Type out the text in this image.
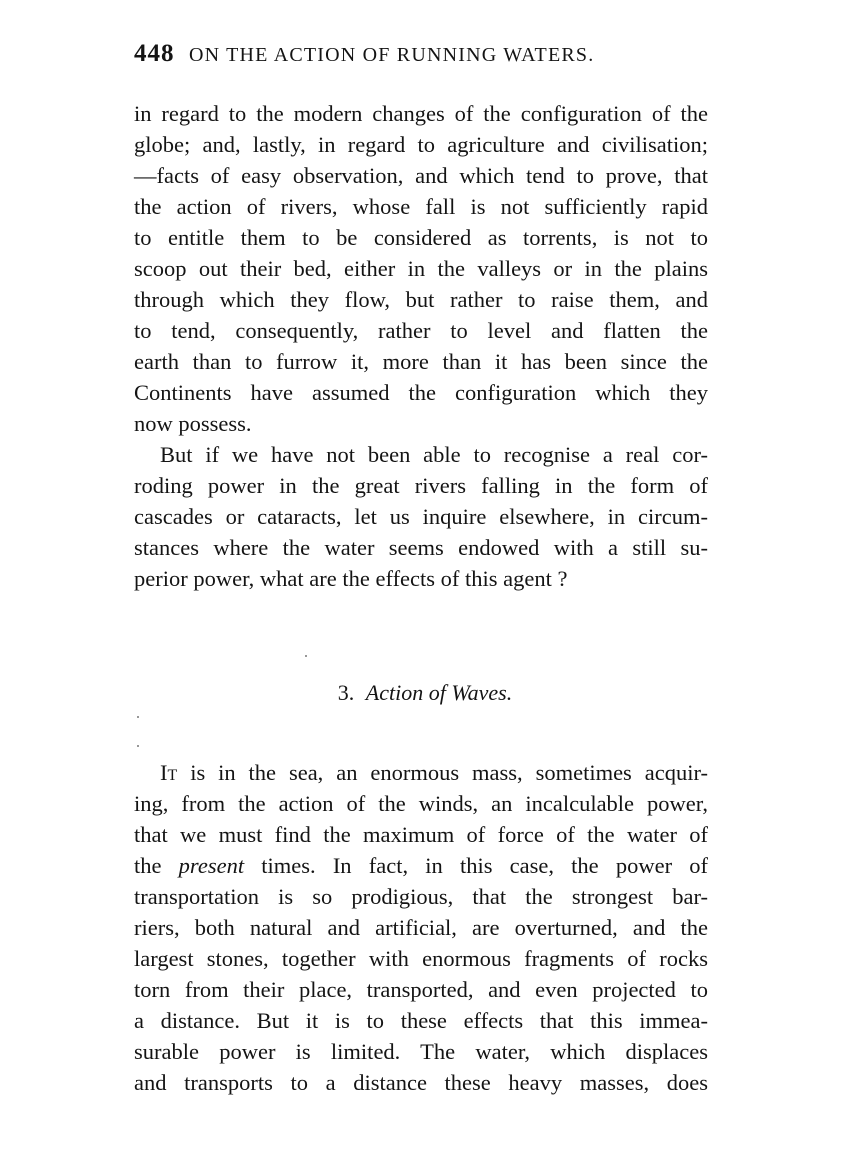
448 ON THE ACTION OF RUNNING WATERS.
in regard to the modern changes of the configuration of the
globe; and, lastly, in regard to agriculture and civilisation;
—facts of easy observation, and which tend to prove, that
the action of rivers, whose fall is not sufficiently rapid
to entitle them to be considered as torrents, is not to
scoop out their bed, either in the valleys or in the plains
through which they flow, but rather to raise them, and
to tend, consequently, rather to level and flatten the
earth than to furrow it, more than it has been since the
Continents have assumed the configuration which they
now possess.
But if we have not been able to recognise a real cor-
roding power in the great rivers falling in the form of
cascades or cataracts, let us inquire elsewhere, in circum-
stances where the water seems endowed with a still su-
perior power, what are the effects of this agent ?
3. Action of Waves.
It is in the sea, an enormous mass, sometimes acquir-
ing, from the action of the winds, an incalculable power,
that we must find the maximum of force of the water of
the present times. In fact, in this case, the power of
transportation is so prodigious, that the strongest bar-
riers, both natural and artificial, are overturned, and the
largest stones, together with enormous fragments of rocks
torn from their place, transported, and even projected to
a distance. But it is to these effects that this immea-
surable power is limited. The water, which displaces
and transports to a distance these heavy masses, does
